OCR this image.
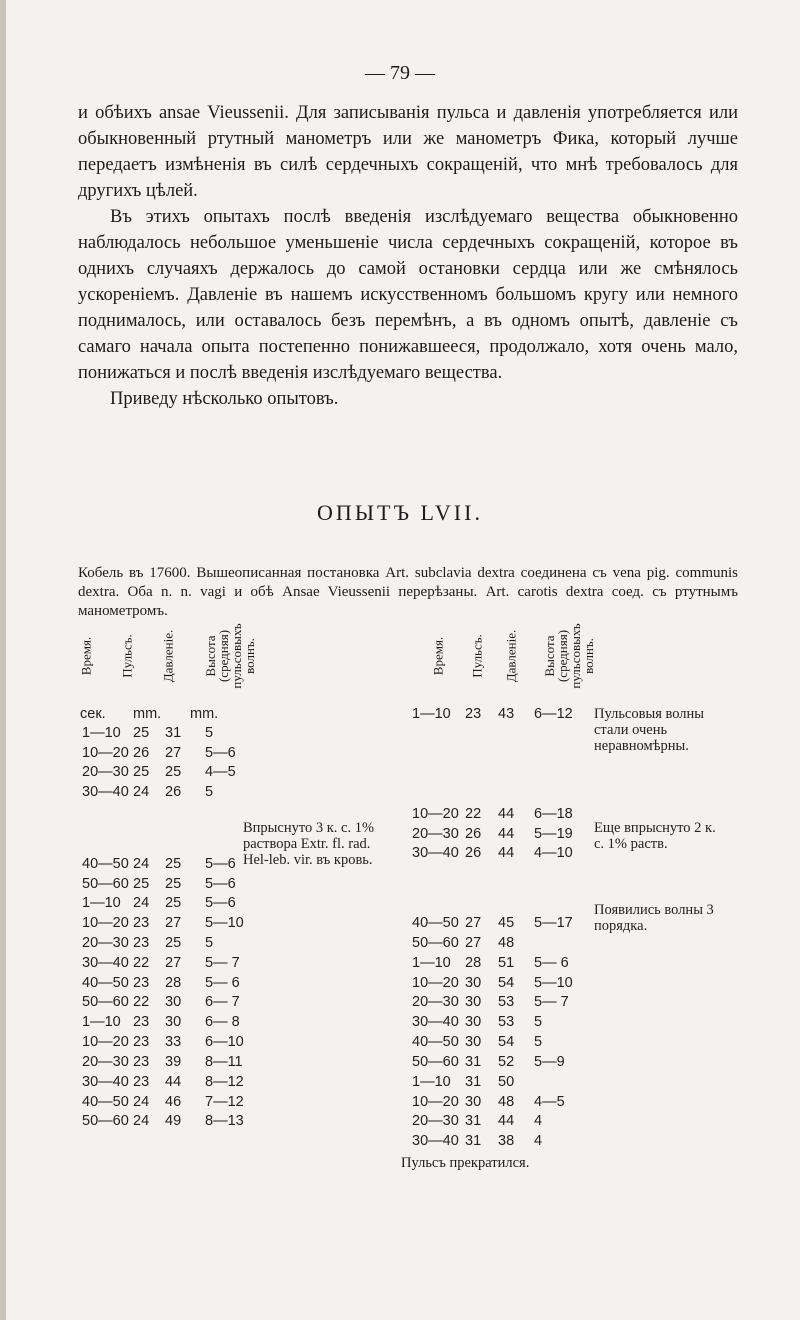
— 79 —

и обѣихъ anѕае Vieuѕѕenii. Для записыванія пульса и давленія употребляется или обыкновенный ртутный манометръ или же манометръ Фика, который лучше передаетъ измѣненія въ силѣ сердечныхъ сокращеній, что мнѣ требовалось для другихъ цѣлей.

Въ этихъ опытахъ послѣ введенія изслѣдуемаго вещества обыкновенно наблюдалось небольшое уменьшеніе числа сердечныхъ сокращеній, которое въ однихъ случаяхъ держалось до самой остановки сердца или же смѣнялось ускореніемъ. Давленіе въ нашемъ искусственномъ большомъ кругу или немного поднималось, или оставалось безъ перемѣнъ, а въ одномъ опытѣ, давленіе съ самаго начала опыта постепенно понижавшееся, продолжало, хотя очень мало, понижаться и послѣ введенія изслѣдуемаго вещества.

Приведу нѣсколько опытовъ.

ОПЫТЪ LVII.
Кобель въ 17600. Вышеописанная постановка Art. ѕubclavia dextra соединена съ vena pig. communis dextra. Оба n. n. vagi и обѣ Anѕae Vieuѕѕenii перерѣзаны. Art. carotis dextra соед. съ ртутнымъ манометромъ.
Время. Пульсъ. Давленіе. Высота (средняя) пульсовыхъ волнъ.	Время. Пульсъ. Давленіе. Высота (средняя) пульсовыхъ волнъ.
сек. mm. mm.
Впрыснуто 3 к. с. 1% раствора Extr. fl. rad. Hel-leb. vir. въ кровь.
1—10 25 31 5
10—20 26 27 5—6
20—30 25 25 4—5
30—40 24 26 5
40—50 24 25 5—6
50—60 25 25 5—6
1—10 24 25 5—6
10—20 23 27 5—10
20—30 23 25 5
30—40 22 27 5— 7
40—50 23 28 5— 6
50—60 22 30 6— 7
1—10 23 30 6— 8
10—20 23 33 6—10
20—30 23 39 8—11
30—40 23 44 8—12
40—50 24 46 7—12
50—60 24 49 8—13
Пульсовыя волны стали очень неравномѣрны.
Еще впрыснуто 2 к. с. 1% раств.
Появились волны 3 порядка.
1—10 23 43 6—12
10—20 22 44 6—18
20—30 26 44 5—19
30—40 26 44 4—10
40—50 27 45 5—17
50—60 27 48
1—10 28 51 5— 6
10—20 30 54 5—10
20—30 30 53 5— 7
30—40 30 53 5
40—50 30 54 5
50—60 31 52 5—9
1—10 31 50
10—20 30 48 4—5
20—30 31 44 4
30—40 31 38 4
Пульсъ прекратился.
